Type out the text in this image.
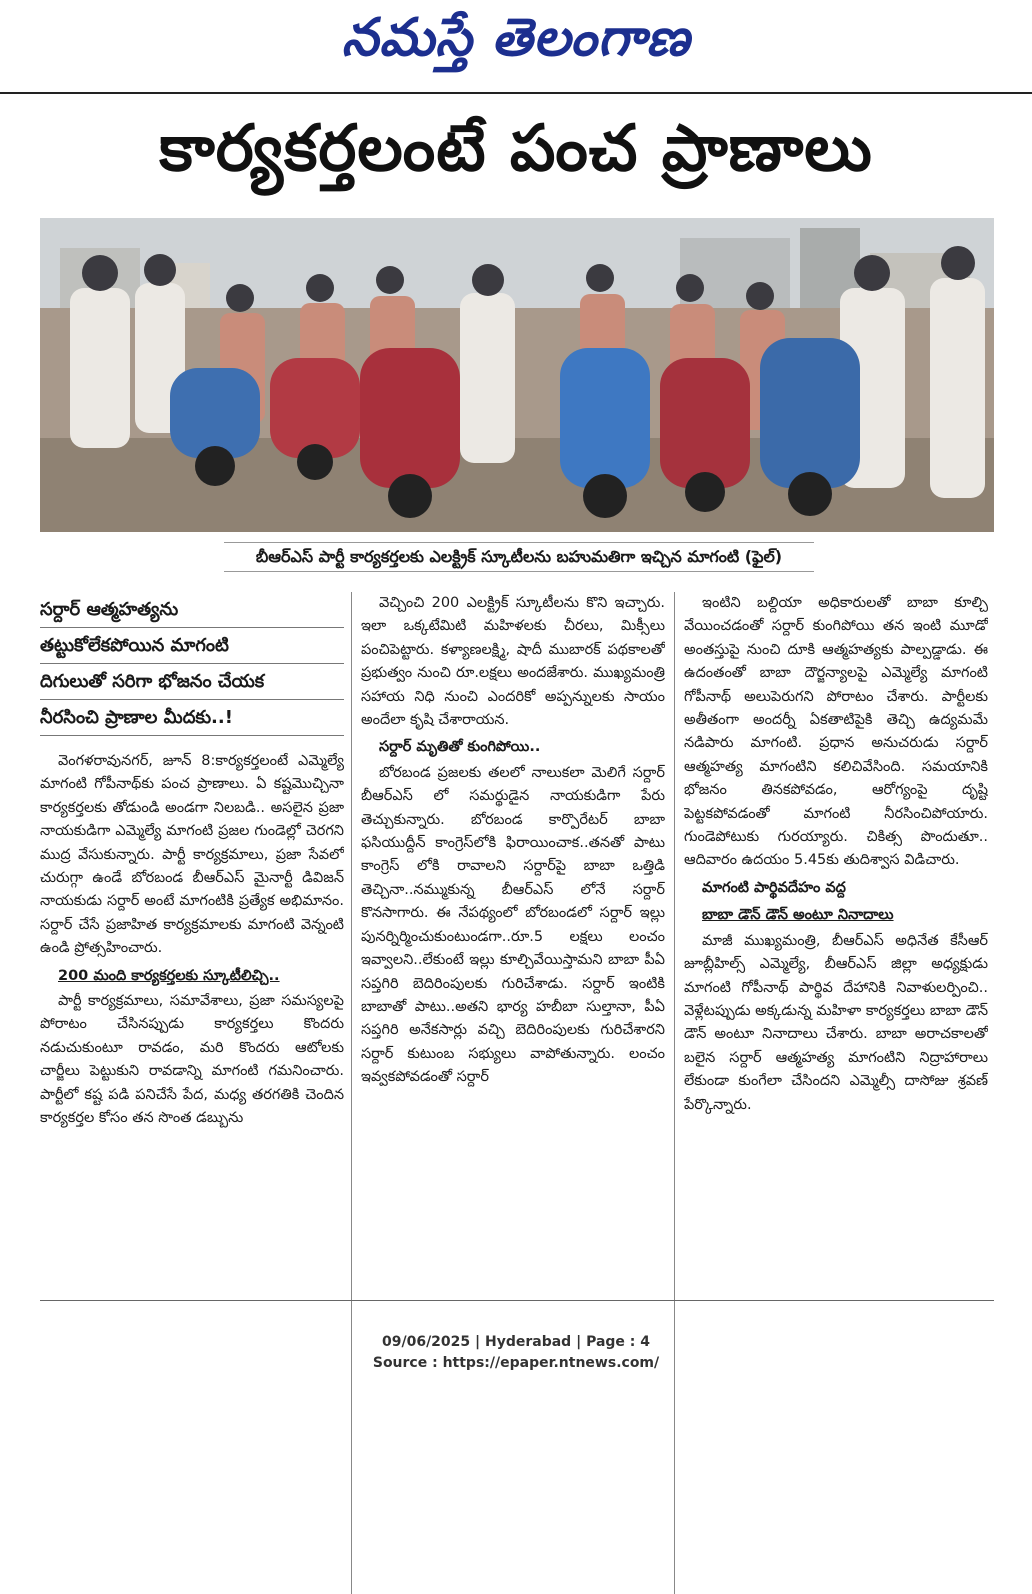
నమస్తే తెలంగాణ
కార్యకర్తలంటే పంచ ప్రాణాలు
బీఆర్ఎస్ పార్టీ కార్యకర్తలకు ఎలక్ట్రిక్ స్కూటీలను బహుమతిగా ఇచ్చిన మాగంటి (ఫైల్)
సర్దార్ ఆత్మహత్యను
తట్టుకోలేకపోయిన మాగంటి
దిగులుతో సరిగా భోజనం చేయక
నీరసించి ప్రాణాల మీదకు..!

వెంగళరావునగర్, జూన్ 8:కార్యకర్తలంటే ఎమ్మెల్యే మాగంటి గోపీనాథ్‌కు పంచ ప్రాణాలు. ఏ కష్టమొచ్చినా కార్యకర్తలకు తోడుండి అండగా నిలబడి.. అసలైన ప్రజా నాయకుడిగా ఎమ్మెల్యే మాగంటి ప్రజల గుండెల్లో చెరగని ముద్ర వేసుకున్నారు. పార్టీ కార్యక్రమాలు, ప్రజా సేవలో చురుగ్గా ఉండే బోరబండ బీఆర్ఎస్ మైనార్టీ డివిజన్ నాయకుడు సర్దార్ అంటే మాగంటికి ప్రత్యేక అభిమానం. సర్దార్ చేసే ప్రజాహిత కార్యక్రమాలకు మాగంటి వెన్నంటి ఉండి ప్రోత్సహించారు.

200 మంది కార్యకర్తలకు స్కూటీలిచ్చి..

పార్టీ కార్యక్రమాలు, సమావేశాలు, ప్రజా సమస్యలపై పోరాటం చేసినప్పుడు కార్యకర్తలు కొందరు నడుచుకుంటూ రావడం, మరి కొందరు ఆటోలకు చార్జీలు పెట్టుకుని రావడాన్ని మాగంటి గమనించారు. పార్టీలో కష్ట పడి పనిచేసే పేద, మధ్య తరగతికి చెందిన కార్యకర్తల కోసం తన సొంత డబ్బును

వెచ్చించి 200 ఎలక్ట్రిక్ స్కూటీలను కొని ఇచ్చారు. ఇలా ఒక్కటేమిటి మహిళలకు చీరలు, మిక్సీలు పంచిపెట్టారు. కళ్యాణలక్ష్మి, షాదీ ముబారక్ పథకాలతో ప్రభుత్వం నుంచి రూ.లక్షలు అందజేశారు. ముఖ్యమంత్రి సహాయ నిధి నుంచి ఎందరికో అప్పన్నులకు సాయం అందేలా కృషి చేశారాయన.

సర్దార్ మృతితో కుంగిపోయి..

బోరబండ ప్రజలకు తలలో నాలుకలా మెలిగే సర్దార్ బీఆర్ఎస్ లో సమర్థుడైన నాయకుడిగా పేరు తెచ్చుకున్నారు. బోరబండ కార్పొరేటర్ బాబా ఫసియుద్దీన్ కాంగ్రెస్‌లోకి ఫిరాయించాక..తనతో పాటు కాంగ్రెస్ లోకి రావాలని సర్దార్‌పై బాబా ఒత్తిడి తెచ్చినా..నమ్ముకున్న బీఆర్ఎస్ లోనే సర్దార్ కొనసాగారు. ఈ నేపథ్యంలో బోరబండలో సర్దార్ ఇల్లు పునర్నిర్మించుకుంటుండగా..రూ.5 లక్షలు లంచం ఇవ్వాలని..లేకుంటే ఇల్లు కూల్చివేయిస్తామని బాబా పీఏ సప్తగిరి బెదిరింపులకు గురిచేశాడు. సర్దార్ ఇంటికి బాబాతో పాటు..అతని భార్య హబీబా సుల్తానా, పీఏ సప్తగిరి అనేకసార్లు వచ్చి బెదిరింపులకు గురిచేశారని సర్దార్ కుటుంబ సభ్యులు వాపోతున్నారు. లంచం ఇవ్వకపోవడంతో సర్దార్

ఇంటిని బల్దియా అధికారులతో బాబా కూల్చి వేయించడంతో సర్దార్ కుంగిపోయి తన ఇంటి మూడో అంతస్తుపై నుంచి దూకి ఆత్మహత్యకు పాల్పడ్డాడు. ఈ ఉదంతంతో బాబా దౌర్జన్యాలపై ఎమ్మెల్యే మాగంటి గోపీనాథ్ అలుపెరుగని పోరాటం చేశారు. పార్టీలకు అతీతంగా అందర్నీ ఏకతాటిపైకి తెచ్చి ఉద్యమమే నడిపారు మాగంటి. ప్రధాన అనుచరుడు సర్దార్ ఆత్మహత్య మాగంటిని కలిచివేసింది. సమయానికి భోజనం తినకపోవడం, ఆరోగ్యంపై దృష్టి పెట్టకపోవడంతో మాగంటి నీరసించిపోయారు. గుండెపోటుకు గురయ్యారు. చికిత్స పొందుతూ.. ఆదివారం ఉదయం 5.45కు తుదిశ్వాస విడిచారు.

మాగంటి పార్థివదేహం వద్ద

బాబా డౌన్ డౌన్ అంటూ నినాదాలు

మాజీ ముఖ్యమంత్రి, బీఆర్ఎస్ అధినేత కేసీఆర్ జూబ్లీహిల్స్ ఎమ్మెల్యే, బీఆర్ఎస్ జిల్లా అధ్యక్షుడు మాగంటి గోపీనాథ్ పార్థివ దేహానికి నివాళులర్పించి.. వెళ్లేటప్పుడు అక్కడున్న మహిళా కార్యకర్తలు బాబా డౌన్ డౌన్ అంటూ నినాదాలు చేశారు. బాబా అరాచకాలతో బలైన సర్దార్ ఆత్మహత్య మాగంటిని నిద్రాహారాలు లేకుండా కుంగేలా చేసిందని ఎమ్మెల్సీ దాసోజు శ్రవణ్ పేర్కొన్నారు.

09/06/2025 | Hyderabad | Page : 4
Source : https://epaper.ntnews.com/
